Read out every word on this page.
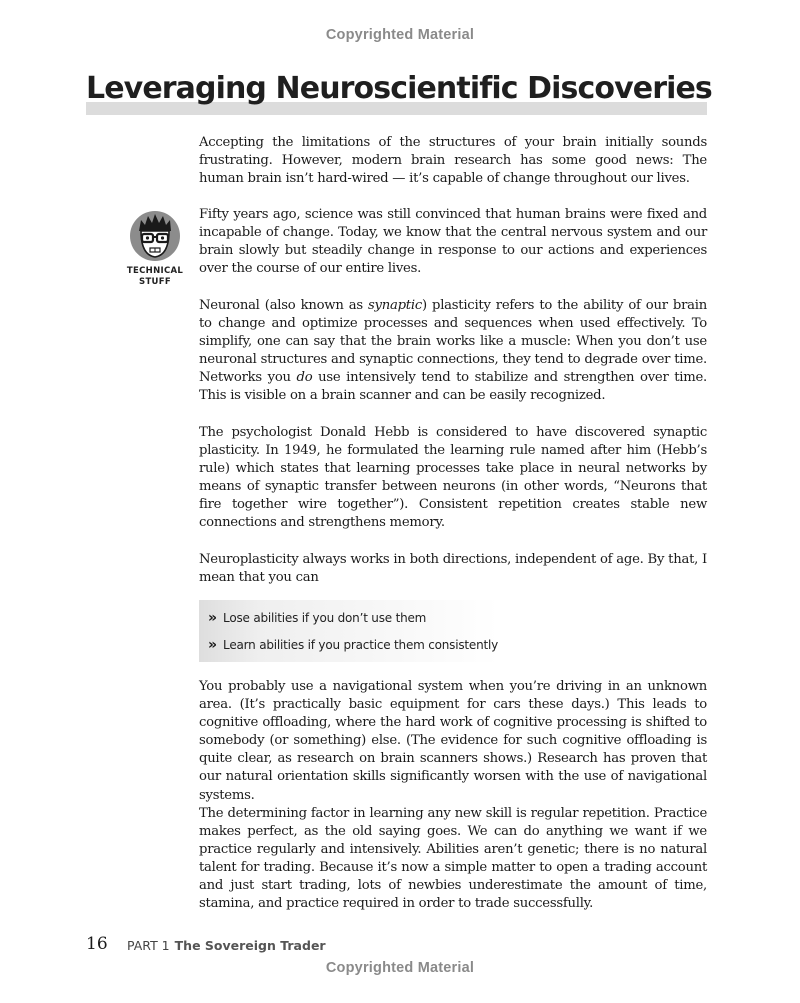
Copyrighted Material
Leveraging Neuroscientific Discoveries

Accepting the limitations of the structures of your brain initially sounds frustrating. However, modern brain research has some good news: The human brain isn’t hard-wired — it’s capable of change throughout our lives.

TECHNICAL
STUFF

Fifty years ago, science was still convinced that human brains were fixed and incapable of change. Today, we know that the central nervous system and our brain slowly but steadily change in response to our actions and experiences over the course of our entire lives.

Neuronal (also known as synaptic) plasticity refers to the ability of our brain to change and optimize processes and sequences when used effectively. To simplify, one can say that the brain works like a muscle: When you don’t use neuronal structures and synaptic connections, they tend to degrade over time. Networks you do use intensively tend to stabilize and strengthen over time. This is visible on a brain scanner and can be easily recognized.

The psychologist Donald Hebb is considered to have discovered synaptic plasticity. In 1949, he formulated the learning rule named after him (Hebb’s rule) which states that learning processes take place in neural networks by means of synaptic transfer between neurons (in other words, “Neurons that fire together wire together”). Consistent repetition creates stable new connections and strengthens memory.

Neuroplasticity always works in both directions, independent of age. By that, I mean that you can

» Lose abilities if you don’t use them
» Learn abilities if you practice them consistently

You probably use a navigational system when you’re driving in an unknown area. (It’s practically basic equipment for cars these days.) This leads to cognitive offloading, where the hard work of cognitive processing is shifted to somebody (or something) else. (The evidence for such cognitive offloading is quite clear, as research on brain scanners shows.) Research has proven that our natural orientation skills significantly worsen with the use of navigational systems.

The determining factor in learning any new skill is regular repetition. Practice makes perfect, as the old saying goes. We can do anything we want if we practice regularly and intensively. Abilities aren’t genetic; there is no natural talent for trading. Because it’s now a simple matter to open a trading account and just start trading, lots of newbies underestimate the amount of time, stamina, and practice required in order to trade successfully.

16 PART 1 The Sovereign Trader
Copyrighted Material
